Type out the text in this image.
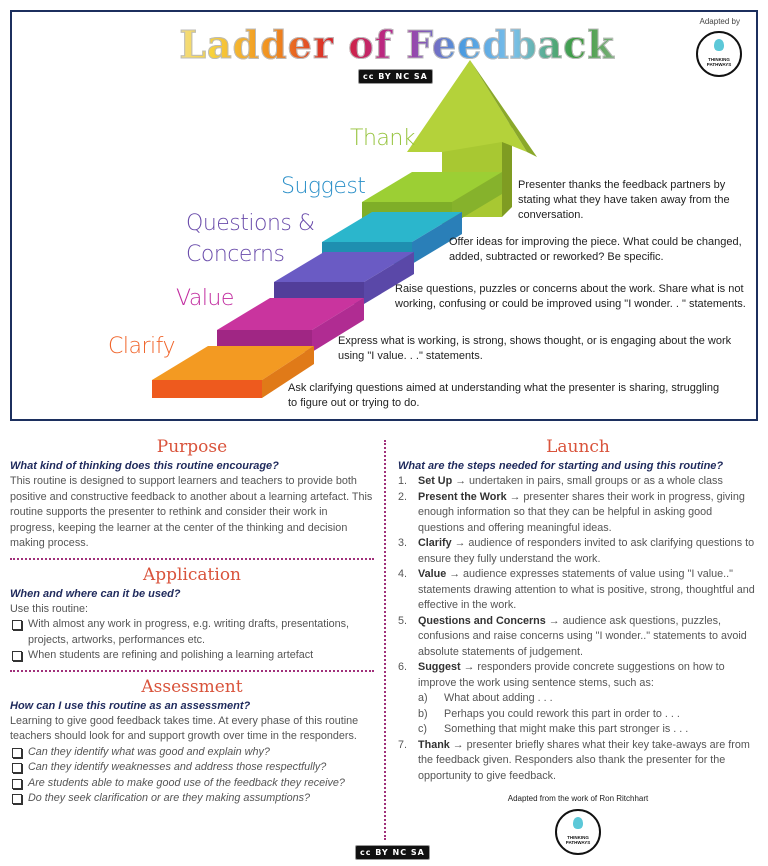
Ladder of Feedback
cc BY NC SA
Adapted by
THINKING PATHWAYS
Clarify
Value
Questions & Concerns
Suggest
Thank
Ask clarifying questions aimed at understanding what the presenter is sharing, struggling to figure out or trying to do.
Express what is working, is strong, shows thought, or is engaging about the work using "I value. . ." statements.
Raise questions, puzzles or concerns about the work. Share what is not working, confusing or could be improved using "I wonder. . " statements.
Offer ideas for improving the piece. What could be changed, added, subtracted or reworked? Be specific.
Presenter thanks the feedback partners by stating what they have taken away from the conversation.
Purpose
What kind of thinking does this routine encourage?
This routine is designed to support learners and teachers to provide both positive and constructive feedback to another about a learning artefact. This routine supports the presenter to rethink and consider their work in progress, keeping the learner at the center of the thinking and decision making process.
Application
When and where can it be used?
Use this routine:
With almost any work in progress, e.g. writing drafts, presentations, projects, artworks, performances etc.
When students are refining and polishing a learning artefact
Assessment
How can I use this routine as an assessment?
Learning to give good feedback takes time. At every phase of this routine teachers should look for and support growth over time in the responders.
Can they identify what was good and explain why?
Can they identify weaknesses and address those respectfully?
Are students able to make good use of the feedback they receive?
Do they seek clarification or are they making assumptions?
Launch
What are the steps needed for starting and using this routine?
1. Set Up → undertaken in pairs, small groups or as a whole class
2. Present the Work → presenter shares their work in progress, giving enough information so that they can be helpful in asking good questions and offering meaningful ideas.
3. Clarify → audience of responders invited to ask clarifying questions to ensure they fully understand the work.
4. Value → audience expresses statements of value using "I value.." statements drawing attention to what is positive, strong, thoughtful and effective in the work.
5. Questions and Concerns → audience ask questions, puzzles, confusions and raise concerns using "I wonder.." statements to avoid absolute statements of judgement.
6. Suggest → responders provide concrete suggestions on how to improve the work using sentence stems, such as:
a) What about adding . . .
b) Perhaps you could rework this part in order to . . .
c) Something that might make this part stronger is . . .
7. Thank → presenter briefly shares what their key take-aways are from the feedback given. Responders also thank the presenter for the opportunity to give feedback.
Adapted from the work of Ron Ritchhart
THINKING PATHWAYS
cc BY NC SA
